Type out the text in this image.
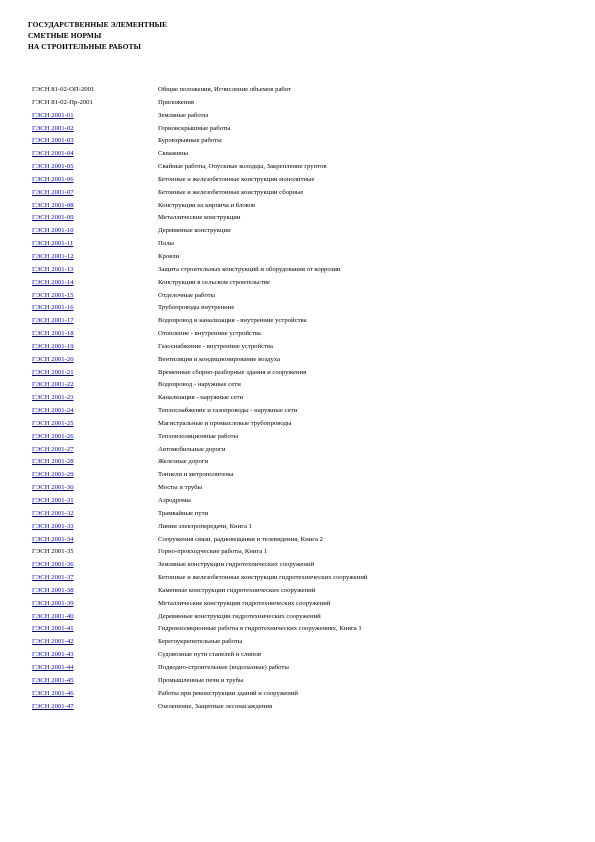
ГОСУДАРСТВЕННЫЕ ЭЛЕМЕНТНЫЕ
СМЕТНЫЕ НОРМЫ
НА СТРОИТЕЛЬНЫЕ РАБОТЫ
ГЭСН 81-02-ОП-2001	Общие положения, Исчисление объемов работ
ГЭСН 81-02-Пр-2001	Приложения
ГЭСН 2001-01	Земляные работы
ГЭСН 2001-02	Горновскрышные работы
ГЭСН 2001-03	Буровзрывные работы
ГЭСН 2001-04	Скважины
ГЭСН 2001-05	Свайные работы, Опускные колодцы, Закрепление грунтов
ГЭСН 2001-06	Бетонные и железобетонные конструкции монолитные
ГЭСН 2001-07	Бетонные и железобетонные конструкции сборные
ГЭСН 2001-08	Конструкции из кирпича и блоков
ГЭСН 2001-09	Металлические конструкции
ГЭСН 2001-10	Деревянные конструкции
ГЭСН 2001-11	Полы
ГЭСН 2001-12	Кровли
ГЭСН 2001-13	Защита строительных конструкций и оборудования от коррозии
ГЭСН 2001-14	Конструкции в сельском строительстве
ГЭСН 2001-15	Отделочные работы
ГЭСН 2001-16	Трубопроводы внутренние
ГЭСН 2001-17	Водопровод и канализация - внутренние устройства
ГЭСН 2001-18	Отопление - внутренние устройства
ГЭСН 2001-19	Газоснабжение - внутренние устройства
ГЭСН 2001-20	Вентиляция и кондиционирование воздуха
ГЭСН 2001-21	Временные сборно-разборные здания и сооружения
ГЭСН 2001-22	Водопровод - наружные сети
ГЭСН 2001-23	Канализация - наружные сети
ГЭСН 2001-24	Теплоснабжение и газопроводы - наружные сети
ГЭСН 2001-25	Магистральные и промысловые трубопроводы
ГЭСН 2001-26	Теплоизоляционные работы
ГЭСН 2001-27	Автомобильные дороги
ГЭСН 2001-28	Железные дороги
ГЭСН 2001-29	Тоннели и метрополитены
ГЭСН 2001-30	Мосты и трубы
ГЭСН 2001-31	Аэродромы
ГЭСН 2001-32	Трамвайные пути
ГЭСН 2001-33	Линии электропередачи, Книга 1
ГЭСН 2001-34	Сооружения связи, радиовещания и телевидения, Книга 2
ГЭСН 2001-35	Горно-прокходческие работы, Книга 1
ГЭСН 2001-36	Земляные конструкции гидротехнических сооружений
ГЭСН 2001-37	Бетонные и железобетонные конструкции гидротехнических сооружений
ГЭСН 2001-38	Каменные конструкции гидротехнических сооружений
ГЭСН 2001-39	Металлические конструкции гидротехнических сооружений
ГЭСН 2001-40	Деревянные конструкции гидротехнических сооружений
ГЭСН 2001-41	Гидроизоляционные работы в гидротехнических сооружениях, Книга 1
ГЭСН 2001-42	Берегоукрепительные работы
ГЭСН 2001-43	Судовозные пути стапелей и слипов
ГЭСН 2001-44	Подводно-строительные (водолазные) работы
ГЭСН 2001-45	Промышленные печи и трубы
ГЭСН 2001-46	Работы при реконструкции зданий и сооружений
ГЭСН 2001-47	Озеленение, Защитные лесонасаждения
